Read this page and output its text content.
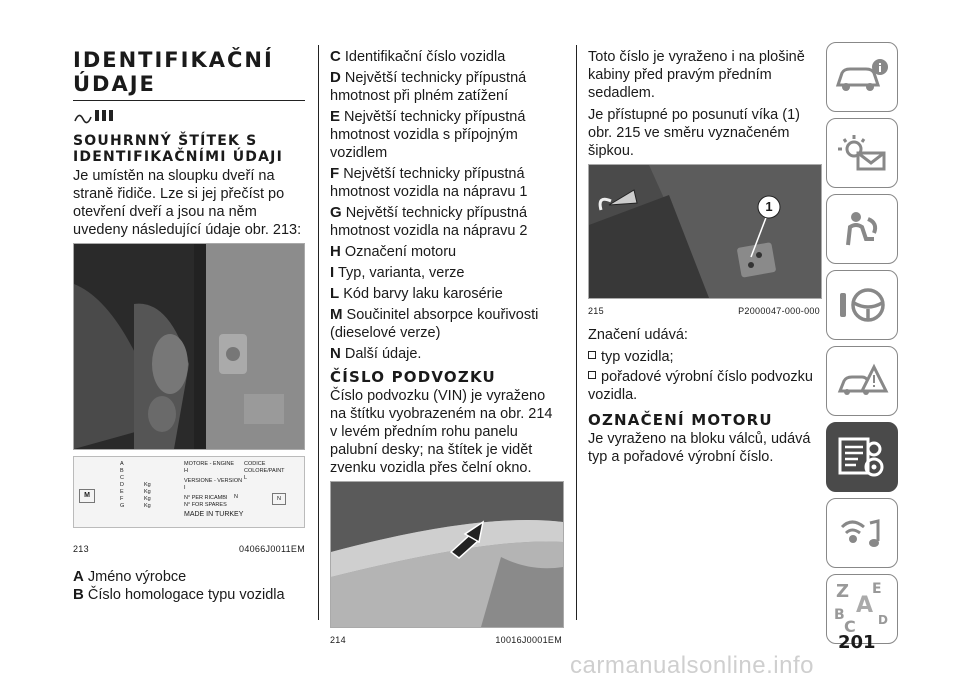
IDENTIFIKAČNÍ ÚDAJE
SOUHRNNÝ ŠTÍTEK S IDENTIFIKAČNÍMI ÚDAJI

Je umístěn na sloupku dveří na straně řidiče. Lze si jej přečíst po otevření dveří a jsou na něm uvedeny následující údaje obr. 213:

M
A
B
C
D
E
F
G
Kg
Kg
Kg
Kg
MOTORE - ENGINE
H
VERSIONE - VERSION
I
N° PER RICAMBI
N° FOR SPARES
MADE IN TURKEY
N
CODICE COLORE/PAINT
L
N
213	04066J0011EM
A Jméno výrobce
B Číslo homologace typu vozidla
C Identifikační číslo vozidla
D Největší technicky přípustná hmotnost při plném zatížení
E Největší technicky přípustná hmotnost vozidla s přípojným vozidlem
F Největší technicky přípustná hmotnost vozidla na nápravu 1
G Největší technicky přípustná hmotnost vozidla na nápravu 2
H Označení motoru
I Typ, varianta, verze
L Kód barvy laku karosérie
M Součinitel absorpce kouřivosti (dieselové verze)
N Další údaje.
ČÍSLO PODVOZKU

Číslo podvozku (VIN) je vyraženo na štítku vyobrazeném na obr. 214 v levém předním rohu panelu palubní desky; na štítek je vidět zvenku vozidla přes čelní okno.

214	10016J0001EM

Toto číslo je vyraženo i na plošině kabiny před pravým předním sedadlem.

Je přístupné po posunutí víka (1) obr. 215 ve směru vyznačeném šipkou.

1
215	P2000047-000-000

Značení udává:

typ vozidla;
pořadové výrobní číslo podvozku vozidla.
OZNAČENÍ MOTORU

Je vyraženo na bloku válců, udává typ a pořadové výrobní číslo.

Z E
A
B
C D
201
carmanualsonline.info
